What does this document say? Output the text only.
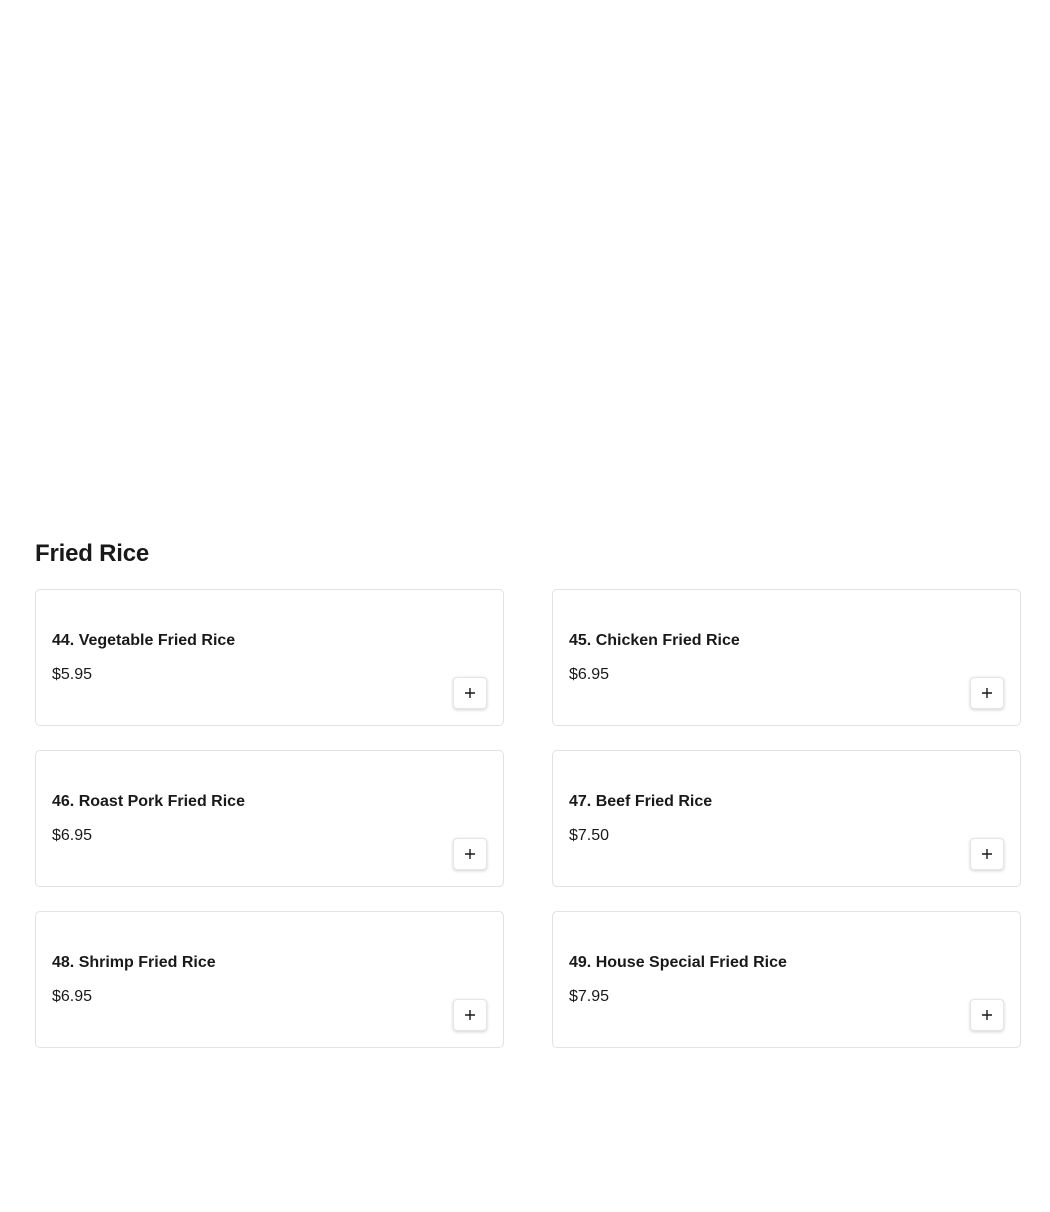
Fried Rice
44. Vegetable Fried Rice
$5.95
45. Chicken Fried Rice
$6.95
46. Roast Pork Fried Rice
$6.95
47. Beef Fried Rice
$7.50
48. Shrimp Fried Rice
$6.95
49. House Special Fried Rice
$7.95
